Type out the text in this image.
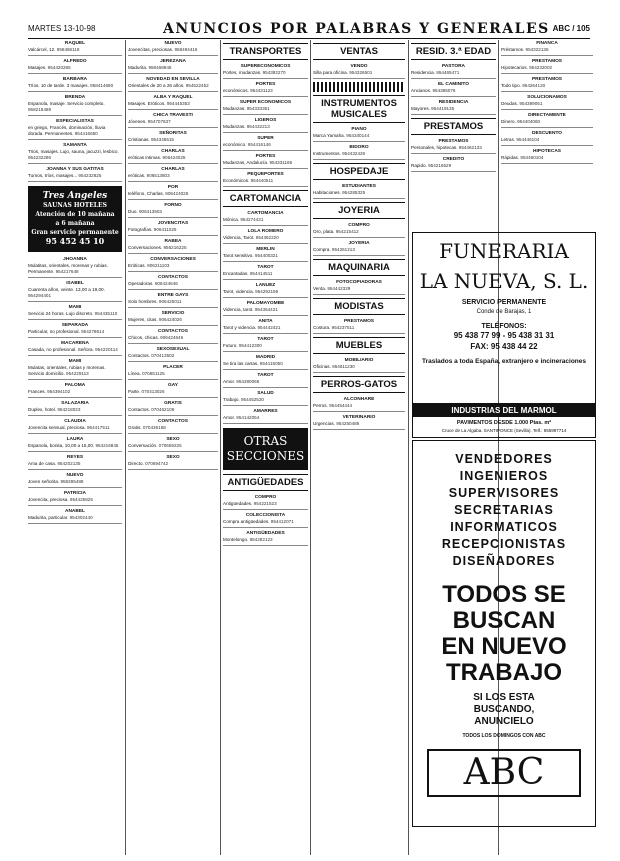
MARTES 13-10-98	ANUNCIOS POR PALABRAS Y GENERALES ABC / 105
RAQUEL
Valcárcel, 12. 958486118
ALFREDO
Masajes. 954420285
BARBARA
Tríos. 10 de tarde. 3 masajes. 958414680
BRENDA
Espanola, masaje. Servicio completo. 958215489
ESPECIALISTAS
en griego, Francés, dominación, lluvia dorada. Permanentes. 954416650
SAMANTA
Trios, masajes. Lujo, sauna, jacuzzi, lesbico. 954232286
JOANNA Y SUS GATITAS
Turnos, tríos, masajes... 954232825
Tres Angeles
SAUNAS HOTELES
Atención de 10 mañana
a 6 mañana
Gran servicio permanente
95 452 45 10
JHOANNA
Mulatitas, orientales, morenas y rubias. Permanente. 954217648
ISABEL
Cuarenta años, veinte. 13,00 a 19,00. 954294401
MAMI
Servicio 24 horas. Lujo discreto. 954435110
SEPARADA
Particular, no profesional. 954278614
MACARENA
Casada, no profesional. Señora. 954220114
MAMI
Mulatas, orientales, rubias y morenas. Servicio domicilio. 954229113
PALOMA
Frances. 954394102
SALAZARIA
Duplex, hotel. 954218023
CLAUDIA
Jovencita sensual, preciosa. 954417511
LAURA
Espanola, bonita, 10,00 a 15,00. 954216845
REYES
Ama de casa. 954202135
NUEVO
Joven señorita. 958285488
PATRICIA
Jovencita, preciosa. 954425825
ANABEL
Madurita, particular. 954302440
NUEVO
Jovencitas, preciosas. 958494416
JEREZANA
Madurita. 958468945
NOVEDAD EN SEVILLA
Orientales de 20 a 26 años. 954522452
ALBA Y RAQUEL
Masajes. Eróticos. 954445353
CHICA TRAVESTI
Jóvenes. 954707637
SEÑORITAS
Cristianas. 954346515
CHARLAS
eróticas intimas. 906424025
CHARLAS
eróticas. 906513803
POR
teléfono. Charlas. 906424026
FORNO
Duo. 906413503
JOVENCITAS
Fotografías. 906411025
RABEA
Conversaciones. 956216225
CONVERSACIONES
Eróticas. 906211103
CONTACTOS
Operadoras. 906424646
ENTRE GAYS
Solo hombres. 906425011
SERVICIO
Mujeres, citas. 906424026
CONTACTOS
Chicos, chicas. 906424646
SEXOSEXUAL
Contactos. 070413502
PLACER
Línea. 070651125
GAY
Parte. 070413026
GRATIS
Contactos. 070462106
CONTACTOS
Gratis. 070436168
SEXO
Conversación. 070659225
SEXO
Directo. 070694742
TRANSPORTES
SUPERECONOMICOS
Portes, mudanzas. 954392270
PORTES
económicos. 954431123
SUPER ECONOMICOS
Mudanzas. 954333351
LIGEROS
Mudanzas. 954432213
SUPER
económico. 954416146
PORTES
Mudanzas, Andalucía. 954331166
PEQUEPORTES
Económicos. 954440511
CARTOMANCIA
CARTOMANCIA
Mónica. 954274431
LOLA ROMERO
Videncia, Tarot. 954362220
MERLIN
Tarot sensitivo. 954400321
TAROT
Encantadas. 954414511
LANUEZ
Tarot, videncia. 954292195
PALOMAYOMBE
Videncia, tarot. 954354421
ANITA
Tarot y videncia. 954442421
TAROT
Futuro. 954412300
MADRID
Se tira las cartas. 954416050
TAROT
Amor. 954280066
SALUD
Trabajo. 954452520
AMARRES
Amor. 954142054
OTRAS
SECCIONES
ANTIGÜEDADES
COMPRO
Antigüedades. 954221523
COLECCIONISTA
Compra antigüedades. 954412071
ANTIGÜEDADES
Montelongo. 954282123
VENTAS
VENDO
Silla para oficina. 954326501
INSTRUMENTOS MUSICALES
PIANO
Marca Yamaha. 954340144
BIDORO
Instrumentos. 954432426
HOSPEDAJE
ESTUDIANTES
Habitaciones. 954285325
JOYERIA
COMPRO
Oro, plata. 954215412
JOYERIA
Compra. 954261213
MAQUINARIA
FOTOCOPIADORAS
Venta. 954442329
MODISTAS
PRESTAMOS
Costura. 954237511
MUEBLES
MOBILIARIO
Oficinas. 954611230
PERROS-GATOS
ALCONHARE
Perros. 954454444
VETERINARIO
Urgencias. 954250488
RESID. 3.ª EDAD
PASTORA
Residencia. 954465471
EL CAMINITO
Ancianos. 954385076
RESIDENCIA
Mayores. 954419135
PRESTAMOS
PRESTAMOS
Personales, hipotecas. 954462133
CREDITO
Rapido. 954216529
FINANCA
Préstamos. 954322136
PRESTAMOS
Hipotecarios. 954232002
PRESTAMOS
Todo tipo. 954264120
SOLUCIONAMOS
Deudas. 954389051
DIRECTAMENTE
Dinero. 954404060
DESCUENTO
Letras. 954446104
HIPOTECAS
Rápidas. 954460104
FUNERARIA
LA NUEVA, S. L.
SERVICIO PERMANENTE
Conde de Barajas, 1
TELÉFONOS:
95 438 77 99 - 95 438 31 31
FAX: 95 438 44 22
Traslados a toda España, extranjero e incineraciones
INDUSTRIAS DEL MARMOL
PAVIMENTOS DESDE 1.000 Ptas. m²
Cruce de La Algaba. SANTIPONCE (Sevilla). Telf.: 955997714
VENDEDORES
INGENIEROS
SUPERVISORES
SECRETARIAS
INFORMATICOS
RECEPCIONISTAS
DISEÑADORES
TODOS SE
BUSCAN
EN NUEVO
TRABAJO
SI LOS ESTA
BUSCANDO,
ANUNCIELO
TODOS LOS DOMINGOS CON ABC
ABC
